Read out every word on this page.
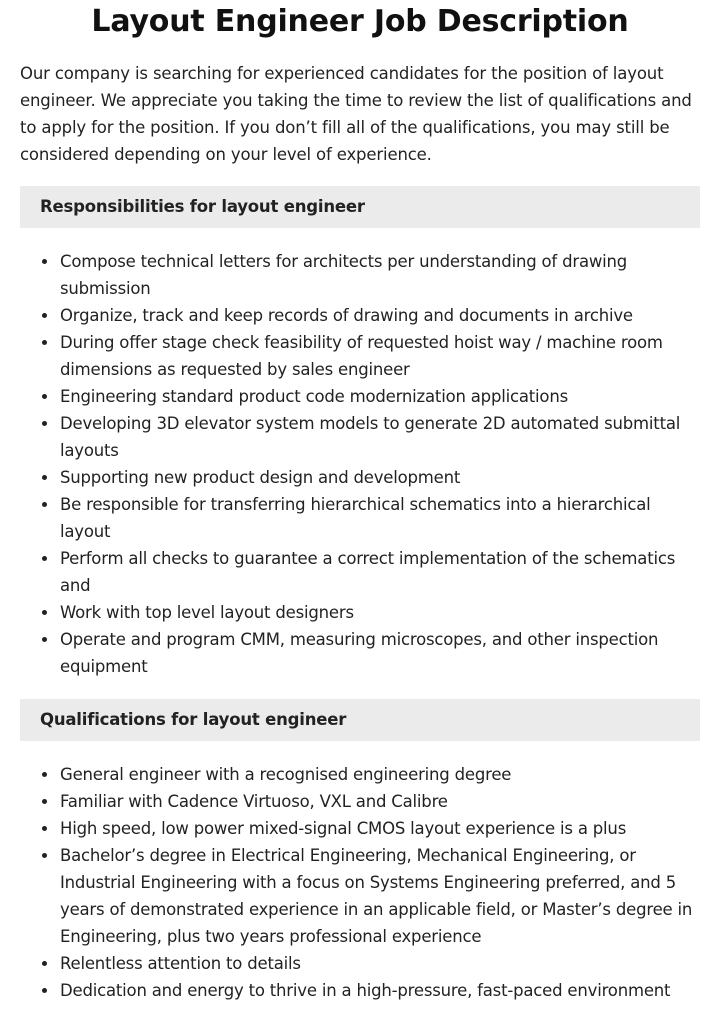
Layout Engineer Job Description

Our company is searching for experienced candidates for the position of layout engineer. We appreciate you taking the time to review the list of qualifications and to apply for the position. If you don’t fill all of the qualifications, you may still be considered depending on your level of experience.

Responsibilities for layout engineer
Compose technical letters for architects per understanding of drawing submission
Organize, track and keep records of drawing and documents in archive
During offer stage check feasibility of requested hoist way / machine room dimensions as requested by sales engineer
Engineering standard product code modernization applications
Developing 3D elevator system models to generate 2D automated submittal layouts
Supporting new product design and development
Be responsible for transferring hierarchical schematics into a hierarchical layout
Perform all checks to guarantee a correct implementation of the schematics and
Work with top level layout designers
Operate and program CMM, measuring microscopes, and other inspection equipment
Qualifications for layout engineer
General engineer with a recognised engineering degree
Familiar with Cadence Virtuoso, VXL and Calibre
High speed, low power mixed-signal CMOS layout experience is a plus
Bachelor’s degree in Electrical Engineering, Mechanical Engineering, or Industrial Engineering with a focus on Systems Engineering preferred, and 5 years of demonstrated experience in an applicable field, or Master’s degree in Engineering, plus two years professional experience
Relentless attention to details
Dedication and energy to thrive in a high-pressure, fast-paced environment
